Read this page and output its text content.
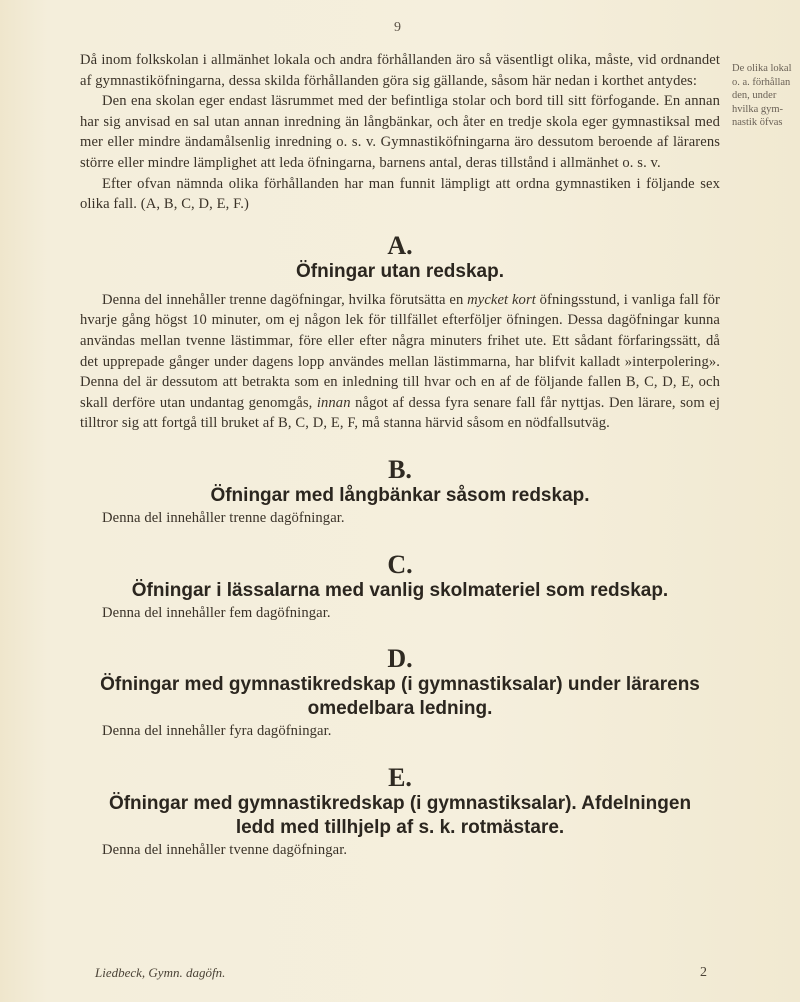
9
De olika lokal
o. a. förhållan
den, under
hvilka gym-
nastik öfvas

Då inom folkskolan i allmänhet lokala och andra förhållanden äro så väsentligt olika, måste, vid ordnandet af gymnastiköfningarna, dessa skilda förhållanden göra sig gällande, såsom här nedan i korthet antydes:

Den ena skolan eger endast läsrummet med der befintliga stolar och bord till sitt förfogande. En annan har sig anvisad en sal utan annan inredning än långbänkar, och åter en tredje skola eger gymnastiksal med mer eller mindre ändamålsenlig inredning o. s. v. Gymnastiköfningarna äro dessutom beroende af lärarens större eller mindre lämplighet att leda öfningarna, barnens antal, deras tillstånd i allmänhet o. s. v.

Efter ofvan nämnda olika förhållanden har man funnit lämpligt att ordna gymnastiken i följande sex olika fall. (A, B, C, D, E, F.)

A.
Öfningar utan redskap.

Denna del innehåller trenne dagöfningar, hvilka förutsätta en mycket kort öfningsstund, i vanliga fall för hvarje gång högst 10 minuter, om ej någon lek för tillfället efterföljer öfningen. Dessa dagöfningar kunna användas mellan tvenne lästimmar, före eller efter några minuters frihet ute. Ett sådant förfaringssätt, då det upprepade gånger under dagens lopp användes mellan lästimmarna, har blifvit kalladt »interpolering». Denna del är dessutom att betrakta som en inledning till hvar och en af de följande fallen B, C, D, E, och skall derföre utan undantag genomgås, innan något af dessa fyra senare fall får nyttjas. Den lärare, som ej tilltror sig att fortgå till bruket af B, C, D, E, F, må stanna härvid såsom en nödfallsutväg.

B.
Öfningar med långbänkar såsom redskap.

Denna del innehåller trenne dagöfningar.

C.
Öfningar i lässalarna med vanlig skolmateriel som redskap.

Denna del innehåller fem dagöfningar.

D.
Öfningar med gymnastikredskap (i gymnastiksalar) under lärarens
omedelbara ledning.

Denna del innehåller fyra dagöfningar.

E.
Öfningar med gymnastikredskap (i gymnastiksalar). Afdelningen
ledd med tillhjelp af s. k. rotmästare.

Denna del innehåller tvenne dagöfningar.

Liedbeck, Gymn. dagöfn.	2
